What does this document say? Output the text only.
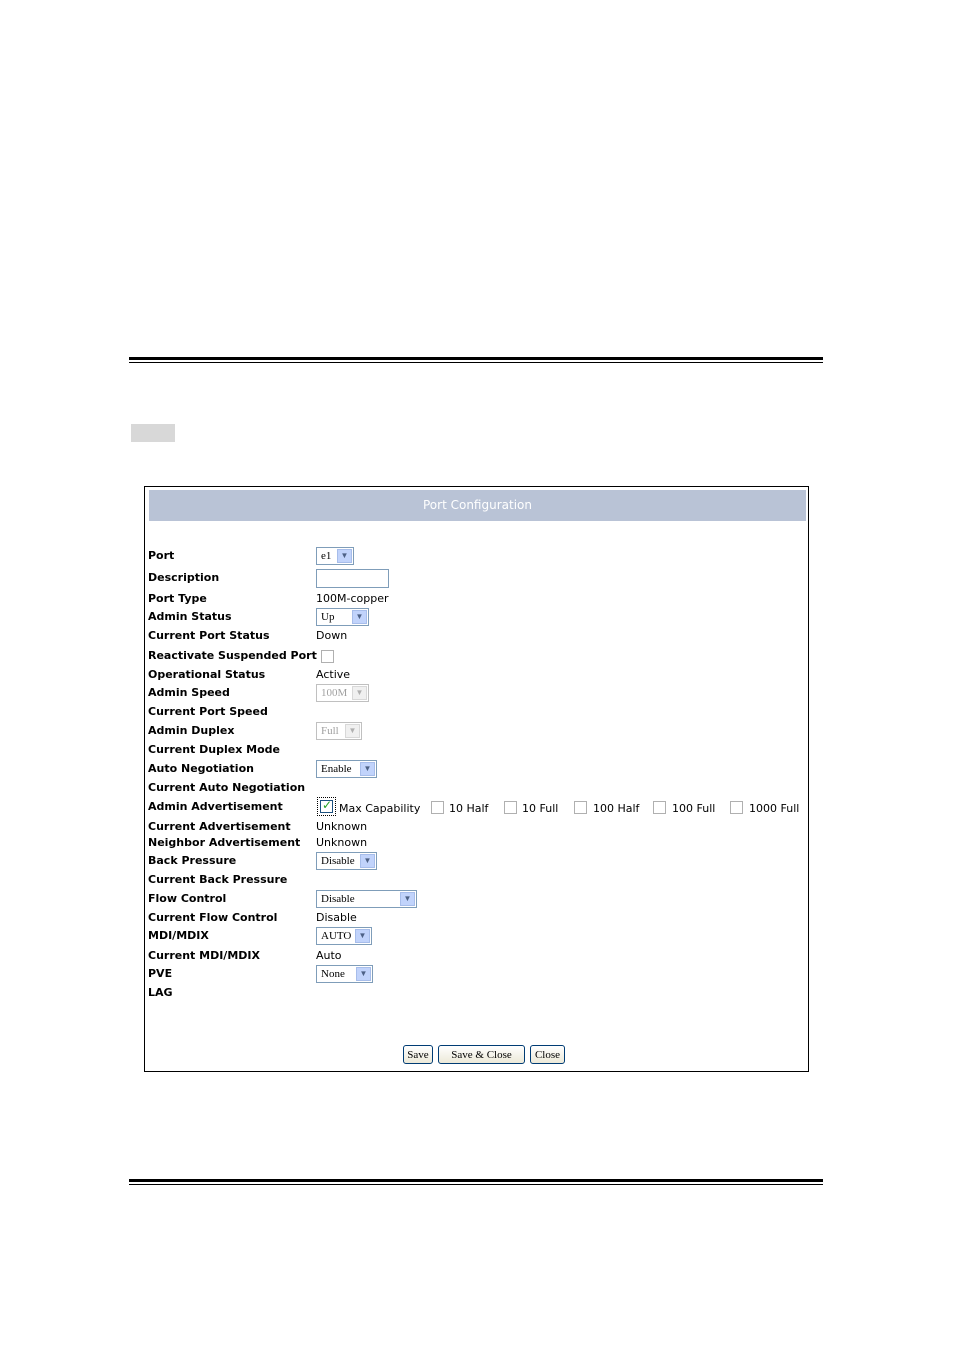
Port Configuration
Port	e1	▼
Description
Port Type	100M-copper
Admin Status	Up	▼
Current Port Status	Down
Reactivate Suspended Port
Operational Status	Active
Admin Speed	100M	▼
Current Port Speed
Admin Duplex	Full	▼
Current Duplex Mode
Auto Negotiation	Enable	▼
Current Auto Negotiation
Admin Advertisement
✓	Max Capability	10 Half	10 Full	100 Half	100 Full	1000 Full
Current Advertisement Unknown
Neighbor Advertisement Unknown
Back Pressure	Disable	▼
Current Back Pressure
Flow Control	Disable	▼
Current Flow Control	Disable
MDI/MDIX	AUTO ▼
Current MDI/MDIX	Auto
PVE	None	▼
LAG
Save	Save & Close	Close
